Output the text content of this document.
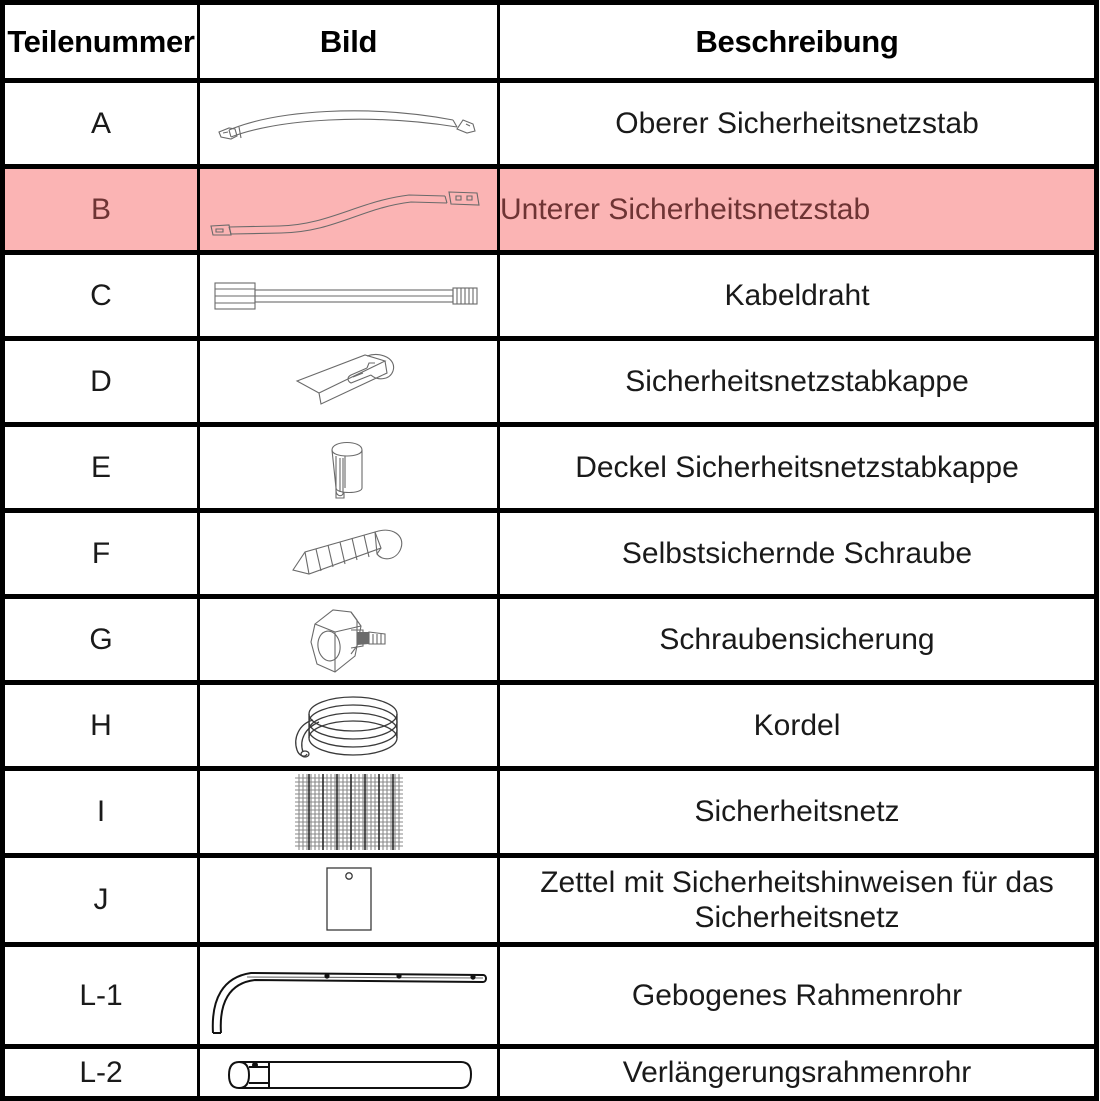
Teilenummer	Bild	Beschreibung
A		Oberer Sicherheitsnetzstab
B		Unterer Sicherheitsnetzstab
C		Kabeldraht
D		Sicherheitsnetzstabkappe
E		Deckel Sicherheitsnetzstabkappe
F		Selbstsichernde Schraube
G		Schraubensicherung
H		Kordel
I		Sicherheitsnetz
J		Zettel mit Sicherheitshinweisen für das Sicherheitsnetz
L-1		Gebogenes Rahmenrohr
L-2		Verlängerungsrahmenrohr
